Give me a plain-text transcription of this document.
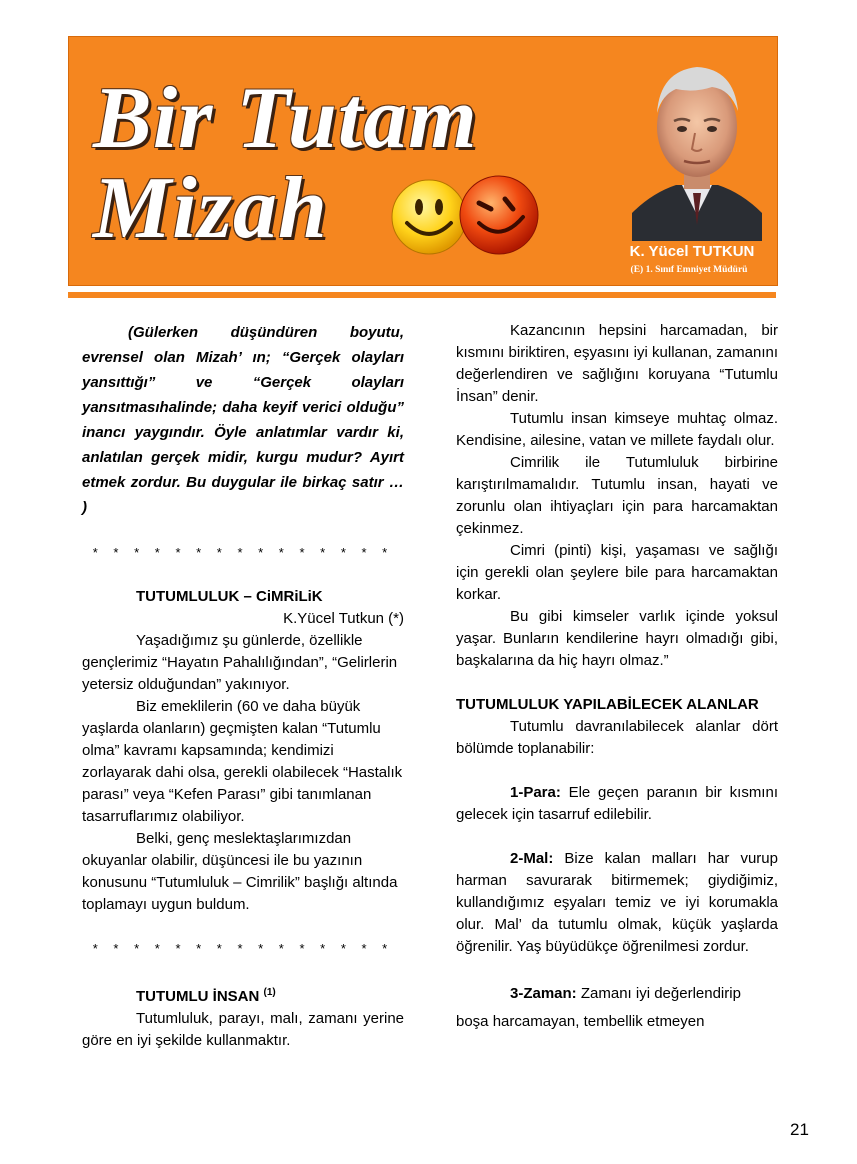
Bir Tutam
Mizah	K. Yücel TUTKUN
(E) 1. Sınıf Emniyet Müdürü

(Gülerken düşündüren boyutu, evrensel olan Mizah’ ın; “Gerçek olayları yansıttığı” ve “Gerçek olayları yansıtmasıhalinde; daha keyif verici olduğu” inancı yaygındır. Öyle anlatımlar vardır ki, anlatılan gerçek midir, kurgu mudur? Ayırt etmek zordur. Bu duygular ile birkaç satır … )

* * * * * * * * * * * * * * *

TUTUMLULUK – CiMRiLiK

K.Yücel Tutkun (*)

Yaşadığımız şu günlerde, özellikle gençlerimiz “Hayatın Pahalılığından”, “Gelirlerin yetersiz olduğundan” yakınıyor.

Biz emeklilerin (60 ve daha büyük yaşlarda olanların) geçmişten kalan “Tutumlu olma” kavramı kapsamında; kendimizi zorlayarak dahi olsa, gerekli olabilecek “Hastalık parası” veya “Kefen Parası” gibi tanımlanan tasarruflarımız olabiliyor.

Belki, genç meslektaşlarımızdan okuyanlar olabilir, düşüncesi ile bu yazının konusunu “Tutumluluk – Cimrilik” başlığı altında toplamayı uygun buldum.

* * * * * * * * * * * * * * *

TUTUMLU İNSAN $^{(1)}$

Tutumluluk, parayı, malı, zamanı yerine göre en iyi şekilde kullanmaktır.

Kazancının hepsini harcamadan, bir kısmını biriktiren, eşyasını iyi kullanan, zamanını değerlendiren ve sağlığını koruyana “Tutumlu İnsan” denir.

Tutumlu insan kimseye muhtaç olmaz. Kendisine, ailesine, vatan ve millete faydalı olur.

Cimrilik ile Tutumluluk birbirine karıştırılmamalıdır. Tutumlu insan, hayati ve zorunlu olan ihtiyaçları için para harcamaktan çekinmez.

Cimri (pinti) kişi, yaşaması ve sağlığı için gerekli olan şeylere bile para harcamaktan korkar.

Bu gibi kimseler varlık içinde yoksul yaşar. Bunların kendilerine hayrı olmadığı gibi, başkalarına da hiç hayrı olmaz.”

TUTUMLULUK YAPILABİLECEK ALANLAR

Tutumlu davranılabilecek alanlar dört bölümde toplanabilir:

1-Para: Ele geçen paranın bir kısmını gelecek için tasarruf edilebilir.

2-Mal: Bize kalan malları har vurup harman savurarak bitirmemek; giydiğimiz, kullandığımız eşyaları temiz ve iyi korumakla olur. Mal’ da tutumlu olmak, küçük yaşlarda öğrenilir. Yaş büyüdükçe öğrenilmesi zordur.

3-Zaman: Zamanı iyi değerlendirip

boşa harcamayan, tembellik etmeyen

21
